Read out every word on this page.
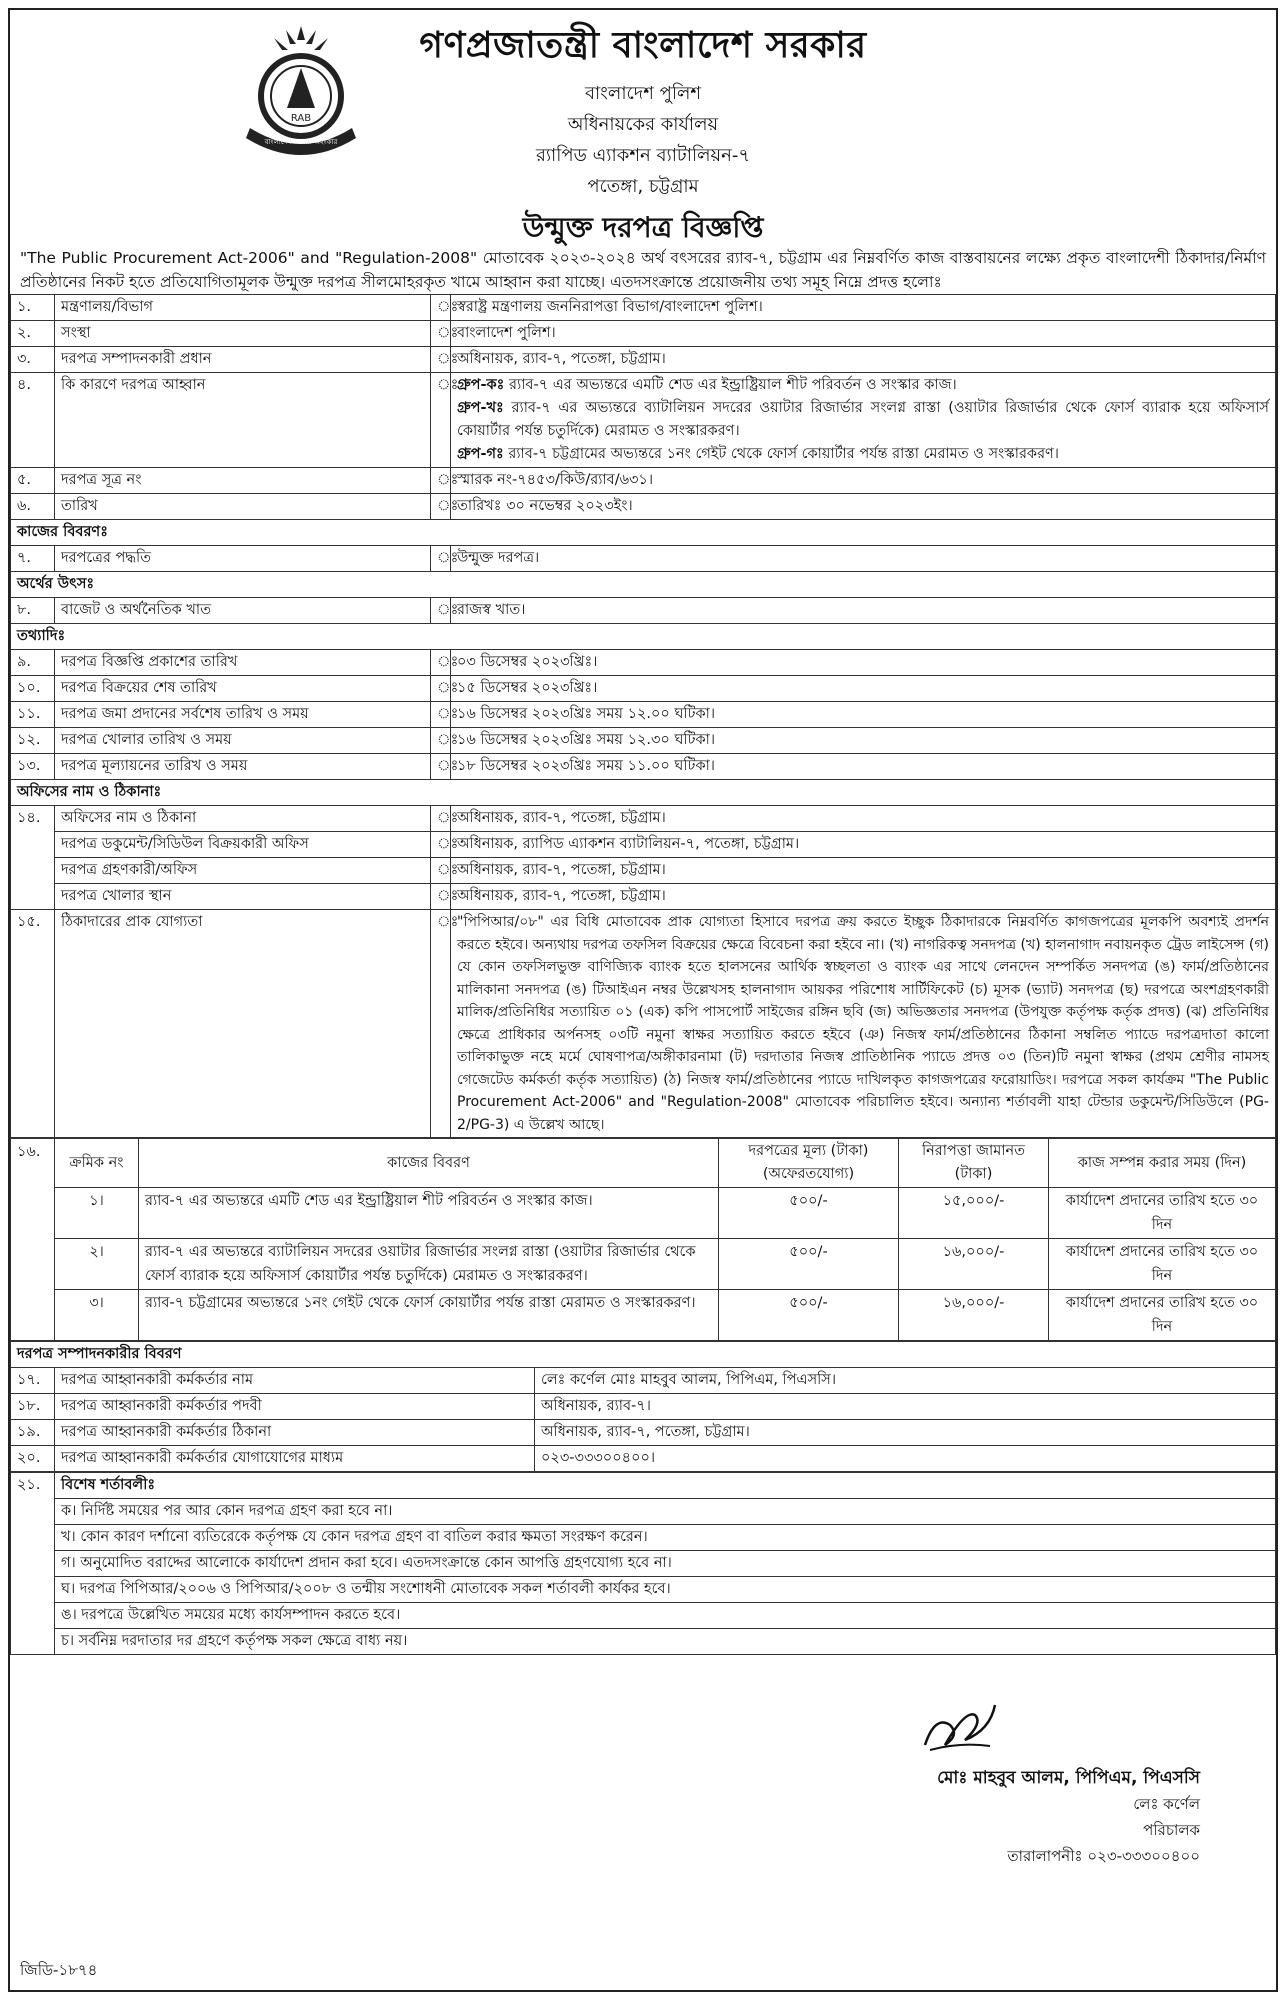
RAB
বাংলাদেশ আমার অহংকার
গণপ্রজাতন্ত্রী বাংলাদেশ সরকার
বাংলাদেশ পুলিশ
অধিনায়কের কার্যালয়
র‌্যাপিড এ্যাকশন ব্যাটালিয়ন-৭
পতেঙ্গা, চট্টগ্রাম
উন্মুক্ত দরপত্র বিজ্ঞপ্তি
"The Public Procurement Act-2006" and "Regulation-2008" মোতাবেক ২০২৩-২০২৪ অর্থ বৎসরের র‌্যাব-৭, চট্টগ্রাম এর নিম্নবর্ণিত কাজ বাস্তবায়নের লক্ষ্যে প্রকৃত বাংলাদেশী ঠিকাদার/নির্মাণ প্রতিষ্ঠানের নিকট হতে প্রতিযোগিতামূলক উন্মুক্ত দরপত্র সীলমোহরকৃত খামে আহ্বান করা যাচ্ছে। এতদসংক্রান্তে প্রয়োজনীয় তথ্য সমূহ নিম্নে প্রদত্ত হলোঃ
১.	মন্ত্রণালয়/বিভাগ	ঃ	স্বরাষ্ট্র মন্ত্রণালয় জননিরাপত্তা বিভাগ/বাংলাদেশ পুলিশ।
২.	সংস্থা	ঃ	বাংলাদেশ পুলিশ।
৩.	দরপত্র সম্পাদনকারী প্রধান	ঃ	অধিনায়ক, র‌্যাব-৭, পতেঙ্গা, চট্টগ্রাম।
৪.	কি কারণে দরপত্র আহ্বান	ঃ	গ্রুপ-কঃ র‌্যাব-৭ এর অভ্যন্তরে এমটি শেড এর ইন্ড্রাষ্ট্রিয়াল শীট পরিবর্তন ও সংস্কার কাজ।
গ্রুপ-খঃ র‌্যাব-৭ এর অভ্যন্তরে ব্যাটালিয়ন সদরের ওয়াটার রিজার্ভার সংলগ্ন রাস্তা (ওয়াটার রিজার্ভার থেকে ফোর্স ব্যারাক হয়ে অফিসার্স কোয়ার্টার পর্যন্ত চতুর্দিকে) মেরামত ও সংস্কারকরণ।
গ্রুপ-গঃ র‌্যাব-৭ চট্টগ্রামের অভ্যন্তরে ১নং গেইট থেকে ফোর্স কোয়ার্টার পর্যন্ত রাস্তা মেরামত ও সংস্কারকরণ।

৫.	দরপত্র সূত্র নং	ঃ	স্মারক নং-৭৪৫৩/কিউ/র‌্যাব/৬৩১।
৬.	তারিখ	ঃ	তারিখঃ ৩০ নভেম্বর ২০২৩ইং।
কাজের বিবরণঃ			
৭.	দরপত্রের পদ্ধতি	ঃ	উন্মুক্ত দরপত্র।
অর্থের উৎসঃ			
৮.	বাজেট ও অর্থনৈতিক খাত	ঃ	রাজস্ব খাত।
তথ্যাদিঃ			
৯.	দরপত্র বিজ্ঞপ্তি প্রকাশের তারিখ	ঃ	০৩ ডিসেম্বর ২০২৩খ্রিঃ।
১০.	দরপত্র বিক্রয়ের শেষ তারিখ	ঃ	১৫ ডিসেম্বর ২০২৩খ্রিঃ।
১১.	দরপত্র জমা প্রদানের সর্বশেষ তারিখ ও সময়	ঃ	১৬ ডিসেম্বর ২০২৩খ্রিঃ সময় ১২.০০ ঘটিকা।
১২.	দরপত্র খোলার তারিখ ও সময়	ঃ	১৬ ডিসেম্বর ২০২৩খ্রিঃ সময় ১২.৩০ ঘটিকা।
১৩.	দরপত্র মূল্যায়নের তারিখ ও সময়	ঃ	১৮ ডিসেম্বর ২০২৩খ্রিঃ সময় ১১.০০ ঘটিকা।
অফিসের নাম ও ঠিকানাঃ			
১৪.	অফিসের নাম ও ঠিকানা	ঃ	অধিনায়ক, র‌্যাব-৭, পতেঙ্গা, চট্টগ্রাম।
	দরপত্র ডকুমেন্ট/সিডিউল বিক্রয়কারী অফিস	ঃ	অধিনায়ক, র‌্যাপিড এ্যাকশন ব্যাটালিয়ন-৭, পতেঙ্গা, চট্টগ্রাম।
	দরপত্র গ্রহণকারী/অফিস	ঃ	অধিনায়ক, র‌্যাব-৭, পতেঙ্গা, চট্টগ্রাম।
	দরপত্র খোলার স্থান	ঃ	অধিনায়ক, র‌্যাব-৭, পতেঙ্গা, চট্টগ্রাম।
১৫.	ঠিকাদারের প্রাক যোগ্যতা	ঃ	"পিপিআর/০৮" এর বিধি মোতাবেক প্রাক যোগ্যতা হিসাবে দরপত্র ক্রয় করতে ইচ্ছুক ঠিকাদারকে নিম্নবর্ণিত কাগজপত্রের মূলকপি অবশ্যই প্রদর্শন করতে হইবে। অন্যথায় দরপত্র তফসিল বিক্রয়ের ক্ষেত্রে বিবেচনা করা হইবে না। (খ) নাগরিকত্ব সনদপত্র (খ) হালনাগাদ নবায়নকৃত ট্রেড লাইসেন্স (গ) যে কোন তফসিলভুক্ত বাণিজ্যিক ব্যাংক হতে হালসনের আর্থিক স্বচ্ছলতা ও ব্যাংক এর সাথে লেনদেন সম্পর্কিত সনদপত্র (ঙ) ফার্ম/প্রতিষ্ঠানের মালিকানা সনদপত্র (ঙ) টিআইএন নম্বর উল্লেখসহ হালনাগাদ আয়কর পরিশোধ সার্টিফিকেট (চ) মূসক (ভ্যাট) সনদপত্র (ছ) দরপত্রে অংশগ্রহণকারী মালিক/প্রতিনিধির সত্যায়িত ০১ (এক) কপি পাসপোর্ট সাইজের রঙ্গিন ছবি (জ) অভিজ্ঞতার সনদপত্র (উপযুক্ত কর্তৃপক্ষ কর্তৃক প্রদত্ত) (ঝ) প্রতিনিধির ক্ষেত্রে প্রাধিকার অর্পনসহ ০৩টি নমুনা স্বাক্ষর সত্যায়িত করতে হইবে (ঞ) নিজস্ব ফার্ম/প্রতিষ্ঠানের ঠিকানা সম্বলিত প্যাডে দরপত্রদাতা কালো তালিকাভুক্ত নহে মর্মে ঘোষণাপত্র/অঙ্গীকারনামা (ট) দরদাতার নিজস্ব প্রাতিষ্ঠানিক প্যাডে প্রদত্ত ০৩ (তিন)টি নমুনা স্বাক্ষর (প্রথম শ্রেণীর নামসহ গেজেটেড কর্মকর্তা কর্তৃক সত্যায়িত) (ঠ) নিজস্ব ফার্ম/প্রতিষ্ঠানের প্যাডে দাখিলকৃত কাগজপত্রের ফরোয়াডিং। দরপত্রে সকল কার্যক্রম "The Public Procurement Act-2006" and "Regulation-2008" মোতাবেক পরিচালিত হইবে। অন্যান্য শর্তাবলী যাহা টেন্ডার ডকুমেন্ট/সিডিউলে (PG-2/PG-3) এ উল্লেখ আছে।
১৬.	ক্রমিক নং	কাজের বিবরণ	দরপত্রের মূল্য (টাকা) (অফেরতযোগ্য)	নিরাপত্তা জামানত (টাকা)	কাজ সম্পন্ন করার সময় (দিন)
	১।	র‌্যাব-৭ এর অভ্যন্তরে এমটি শেড এর ইন্ড্রাষ্ট্রিয়াল শীট পরিবর্তন ও সংস্কার কাজ।	৫০০/-	১৫,০০০/-	কার্যাদেশ প্রদানের তারিখ হতে ৩০ দিন
	২।	র‌্যাব-৭ এর অভ্যন্তরে ব্যাটালিয়ন সদরের ওয়াটার রিজার্ভার সংলগ্ন রাস্তা (ওয়াটার রিজার্ভার থেকে ফোর্স ব্যারাক হয়ে অফিসার্স কোয়ার্টার পর্যন্ত চতুর্দিকে) মেরামত ও সংস্কারকরণ।	৫০০/-	১৬,০০০/-	কার্যাদেশ প্রদানের তারিখ হতে ৩০ দিন
	৩।	র‌্যাব-৭ চট্টগ্রামের অভ্যন্তরে ১নং গেইট থেকে ফোর্স কোয়ার্টার পর্যন্ত রাস্তা মেরামত ও সংস্কারকরণ।	৫০০/-	১৬,০০০/-	কার্যাদেশ প্রদানের তারিখ হতে ৩০ দিন
দরপত্র সম্পাদনকারীর বিবরণ		
১৭.	দরপত্র আহ্বানকারী কর্মকর্তার নাম	লেঃ কর্ণেল মোঃ মাহবুব আলম, পিপিএম, পিএসসি।
১৮.	দরপত্র আহ্বানকারী কর্মকর্তার পদবী	অধিনায়ক, র‌্যাব-৭।
১৯.	দরপত্র আহ্বানকারী কর্মকর্তার ঠিকানা	অধিনায়ক, র‌্যাব-৭, পতেঙ্গা, চট্টগ্রাম।
২০.	দরপত্র আহ্বানকারী কর্মকর্তার যোগাযোগের মাধ্যম	০২৩-৩৩৩০০৪০০।
২১.	বিশেষ শর্তাবলীঃ
ক। নির্দিষ্ট সময়ের পর আর কোন দরপত্র গ্রহণ করা হবে না।
খ। কোন কারণ দর্শানো ব্যতিরেকে কর্তৃপক্ষ যে কোন দরপত্র গ্রহণ বা বাতিল করার ক্ষমতা সংরক্ষণ করেন।
গ। অনুমোদিত বরাদ্দের আলোকে কার্যাদেশ প্রদান করা হবে। এতদসংক্রান্তে কোন আপত্তি গ্রহণযোগ্য হবে না।
ঘ। দরপত্র পিপিআর/২০০৬ ও পিপিআর/২০০৮ ও তন্মীয় সংশোধনী মোতাবেক সকল শর্তাবলী কার্যকর হবে।
ঙ। দরপত্রে উল্লেখিত সময়ের মধ্যে কার্যসম্পাদন করতে হবে।
চ। সর্বনিম্ন দরদাতার দর গ্রহণে কর্তৃপক্ষ সকল ক্ষেত্রে বাধ্য নয়।
মোঃ মাহবুব আলম, পিপিএম, পিএসসি
লেঃ কর্ণেল
পরিচালক
তারালাপনীঃ ০২৩-৩৩৩০০৪০০
জিডি-১৮৭৪
